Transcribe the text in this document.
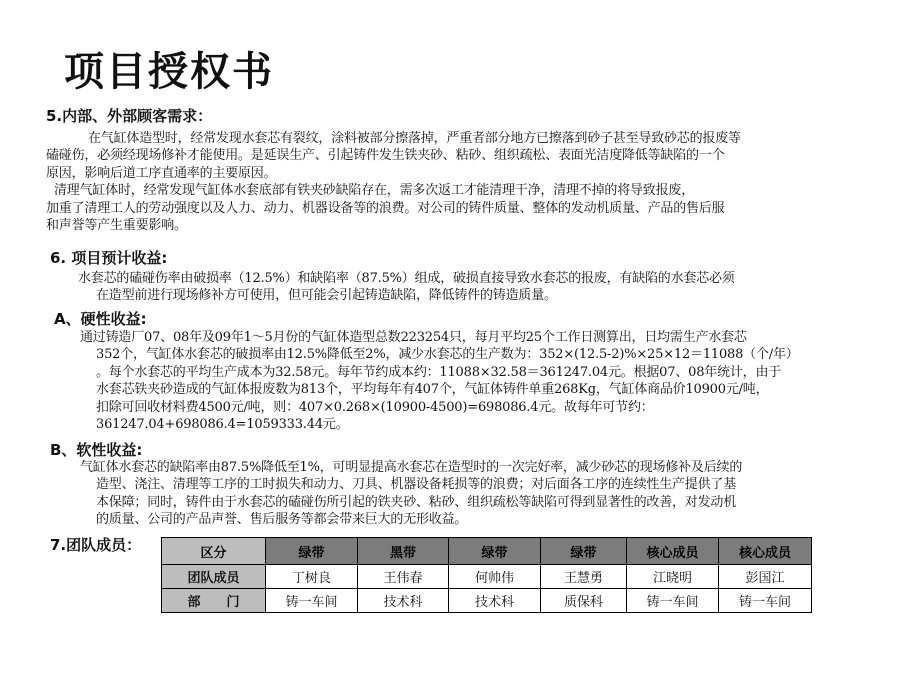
项目授权书
5.内部、外部顾客需求：
在气缸体造型时，经常发现水套芯有裂纹，涂料被部分擦落掉，严重者部分地方已擦落到砂子甚至导致砂芯的报废等
磕碰伤，必须经现场修补才能使用。是延误生产、引起铸件发生铁夹砂、粘砂、组织疏松、表面光洁度降低等缺陷的一个
原因，影响后道工序直通率的主要原因。
清理气缸体时，经常发现气缸体水套底部有铁夹砂缺陷存在，需多次返工才能清理干净，清理不掉的将导致报废，
加重了清理工人的劳动强度以及人力、动力、机器设备等的浪费。对公司的铸件质量、整体的发动机质量、产品的售后服
和声誉等产生重要影响。
6. 项目预计收益:
水套芯的磕碰伤率由破损率（12.5%）和缺陷率（87.5%）组成，破损直接导致水套芯的报废，有缺陷的水套芯必须
在造型前进行现场修补方可使用，但可能会引起铸造缺陷，降低铸件的铸造质量。
A、硬性收益:
通过铸造厂07、08年及09年1～5月份的气缸体造型总数223254只，每月平均25个工作日测算出，日均需生产水套芯
352个，气缸体水套芯的破损率由12.5%降低至2%，减少水套芯的生产数为：352×(12.5-2)%×25×12＝11088（个/年）
。每个水套芯的平均生产成本为32.58元。每年节约成本约：11088×32.58＝361247.04元。根据07、08年统计，由于
水套芯铁夹砂造成的气缸体报废数为813个，平均每年有407个，气缸体铸件单重268Kg，气缸体商品价10900元/吨，
扣除可回收材料费4500元/吨，则：407×0.268×(10900-4500)=698086.4元。故每年可节约：
361247.04+698086.4=1059333.44元。
B、软性收益:
气缸体水套芯的缺陷率由87.5%降低至1%，可明显提高水套芯在造型时的一次完好率，减少砂芯的现场修补及后续的
造型、浇注、清理等工序的工时损失和动力、刀具、机器设备耗损等的浪费；对后面各工序的连续性生产提供了基
本保障；同时，铸件由于水套芯的磕碰伤所引起的铁夹砂、粘砂、组织疏松等缺陷可得到显著性的改善，对发动机
的质量、公司的产品声誉、售后服务等都会带来巨大的无形收益。
7.团队成员：	区分	绿带	黑带	绿带	绿带	核心成员	核心成员
团队成员	丁树良	王伟春	何帅伟	王慧勇	江晓明	彭国江
部　　门	铸一车间	技术科	技术科	质保科	铸一车间	铸一车间
